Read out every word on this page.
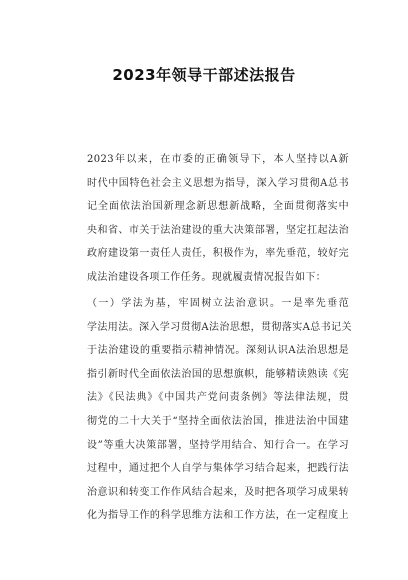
2023年领导干部述法报告
2023年以来，在市委的正确领导下，本人坚持以A新
时代中国特色社会主义思想为指导，深入学习贯彻A总书
记全面依法治国新理念新思想新战略，全面贯彻落实中
央和省、市关于法治建设的重大决策部署，坚定扛起法治
政府建设第一责任人责任，积极作为，率先垂范，较好完
成法治建设各项工作任务。现就履责情况报告如下：
（一）学法为基，牢固树立法治意识。一是率先垂范
学法用法。深入学习贯彻A法治思想，贯彻落实A总书记关
于法治建设的重要指示精神情况。深刻认识A法治思想是
指引新时代全面依法治国的思想旗帜，能够精读熟读《宪
法》《民法典》《中国共产党问责条例》等法律法规，贯
彻党的二十大关于“坚持全面依法治国，推进法治中国建
设”等重大决策部署，坚持学用结合、知行合一。在学习
过程中，通过把个人自学与集体学习结合起来，把践行法
治意识和转变工作作风结合起来，及时把各项学习成果转
化为指导工作的科学思维方法和工作方法，在一定程度上
